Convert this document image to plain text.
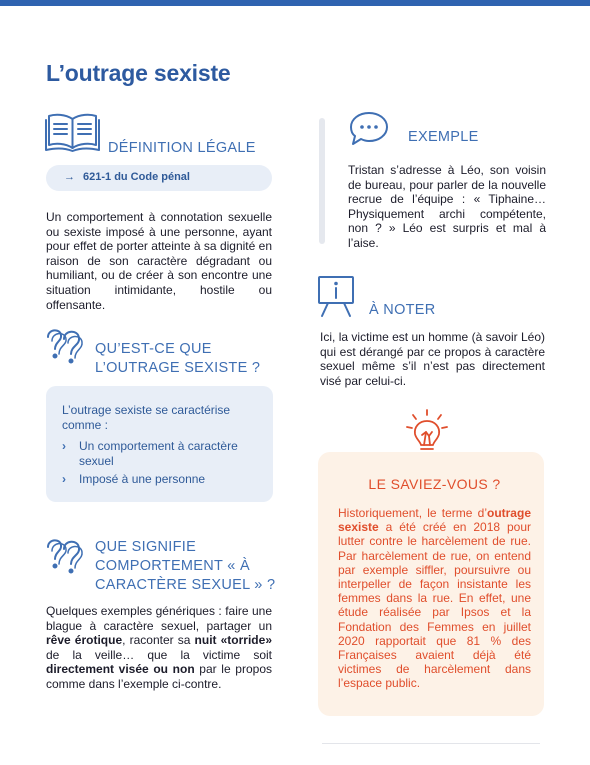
L’outrage sexiste
DÉFINITION LÉGALE
→ 621-1 du Code pénal

Un comportement à connotation sexuelle ou sexiste imposé à une personne, ayant pour effet de porter atteinte à sa dignité en raison de son caractère dégradant ou humiliant, ou de créer à son encontre une situation intimidante, hostile ou offensante.

QU’EST-CE QUE
L’OUTRAGE SEXISTE ?
L’outrage sexiste se caractérise comme :
› Un comportement à caractère sexuel
› Imposé à une personne
QUE SIGNIFIE
COMPORTEMENT « À
CARACTÈRE SEXUEL » ?

Quelques exemples génériques : faire une blague à caractère sexuel, partager un rêve érotique, raconter sa nuit «torride» de la veille… que la victime soit directement visée ou non par le propos comme dans l’exemple ci-contre.

EXEMPLE

Tristan s’adresse à Léo, son voisin de bureau, pour parler de la nouvelle recrue de l’équipe : « Tiphaine… Physiquement archi compétente, non ? » Léo est surpris et mal à l’aise.

À NOTER

Ici, la victime est un homme (à savoir Léo) qui est dérangé par ce propos à caractère sexuel même s’il n’est pas directement visé par celui-ci.

LE SAVIEZ-VOUS ?

Historiquement, le terme d’outrage sexiste a été créé en 2018 pour lutter contre le harcèlement de rue. Par harcèlement de rue, on entend par exemple siffler, poursuivre ou interpeller de façon insistante les femmes dans la rue. En effet, une étude réalisée par Ipsos et la Fondation des Femmes en juillet 2020 rapportait que 81 % des Françaises avaient déjà été victimes de harcèlement dans l’espace public.
